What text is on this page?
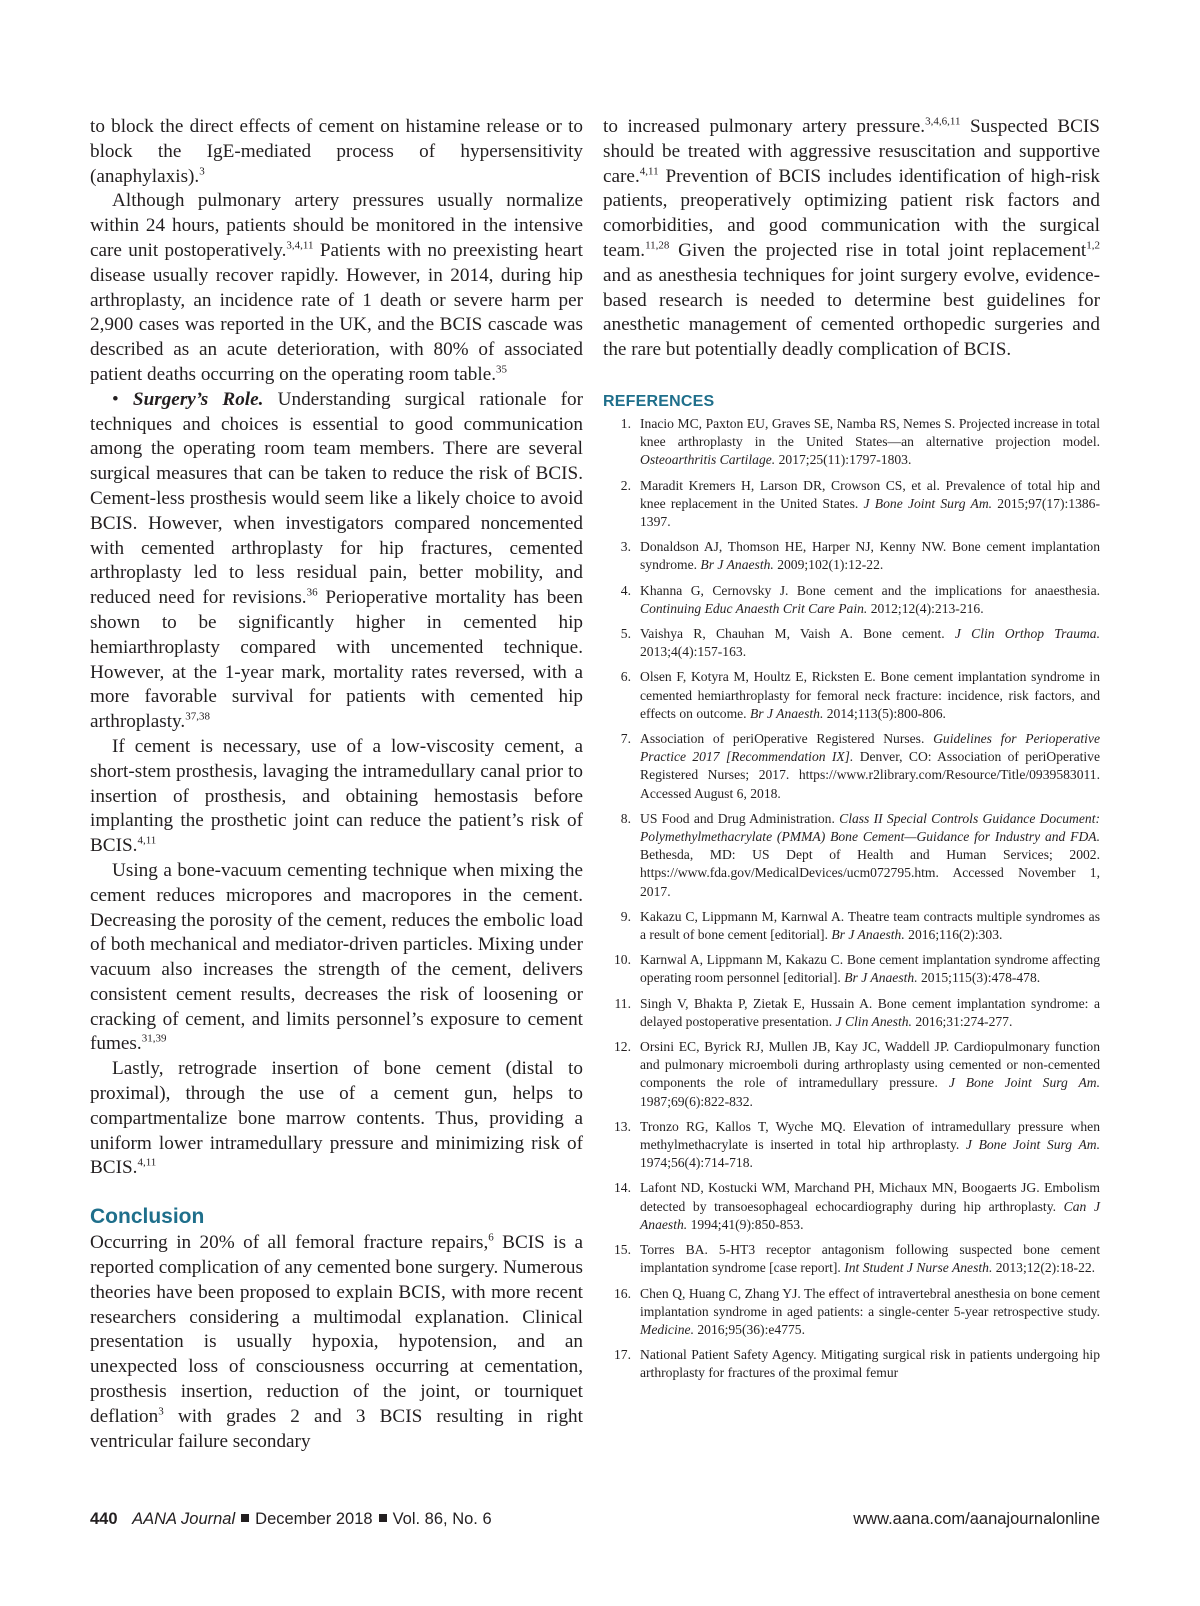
to block the direct effects of cement on histamine release or to block the IgE-mediated process of hypersensitivity (anaphylaxis).$^3$

Although pulmonary artery pressures usually normalize within 24 hours, patients should be monitored in the intensive care unit postoperatively.$^{3,4,11}$ Patients with no preexisting heart disease usually recover rapidly. However, in 2014, during hip arthroplasty, an incidence rate of 1 death or severe harm per 2,900 cases was reported in the UK, and the BCIS cascade was described as an acute deterioration, with 80% of associated patient deaths occurring on the operating room table.$^{35}$

• Surgery’s Role. Understanding surgical rationale for techniques and choices is essential to good communication among the operating room team members. There are several surgical measures that can be taken to reduce the risk of BCIS. Cement-less prosthesis would seem like a likely choice to avoid BCIS. However, when investigators compared noncemented with cemented arthroplasty for hip fractures, cemented arthroplasty led to less residual pain, better mobility, and reduced need for revisions.$^{36}$ Perioperative mortality has been shown to be significantly higher in cemented hip hemiarthroplasty compared with uncemented technique. However, at the 1-year mark, mortality rates reversed, with a more favorable survival for patients with cemented hip arthroplasty.$^{37,38}$

If cement is necessary, use of a low-viscosity cement, a short-stem prosthesis, lavaging the intramedullary canal prior to insertion of prosthesis, and obtaining hemostasis before implanting the prosthetic joint can reduce the patient’s risk of BCIS.$^{4,11}$

Using a bone-vacuum cementing technique when mixing the cement reduces micropores and macropores in the cement. Decreasing the porosity of the cement, reduces the embolic load of both mechanical and mediator-driven particles. Mixing under vacuum also increases the strength of the cement, delivers consistent cement results, decreases the risk of loosening or cracking of cement, and limits personnel’s exposure to cement fumes.$^{31,39}$

Lastly, retrograde insertion of bone cement (distal to proximal), through the use of a cement gun, helps to compartmentalize bone marrow contents. Thus, providing a uniform lower intramedullary pressure and minimizing risk of BCIS.$^{4,11}$

Conclusion

Occurring in 20% of all femoral fracture repairs,$^6$ BCIS is a reported complication of any cemented bone surgery. Numerous theories have been proposed to explain BCIS, with more recent researchers considering a multimodal explanation. Clinical presentation is usually hypoxia, hypotension, and an unexpected loss of consciousness occurring at cementation, prosthesis insertion, reduction of the joint, or tourniquet deflation$^3$ with grades 2 and 3 BCIS resulting in right ventricular failure secondary

to increased pulmonary artery pressure.$^{3,4,6,11}$ Suspected BCIS should be treated with aggressive resuscitation and supportive care.$^{4,11}$ Prevention of BCIS includes identification of high-risk patients, preoperatively optimizing patient risk factors and comorbidities, and good communication with the surgical team.$^{11,28}$ Given the projected rise in total joint replacement$^{1,2}$ and as anesthesia techniques for joint surgery evolve, evidence-based research is needed to determine best guidelines for anesthetic management of cemented orthopedic surgeries and the rare but potentially deadly complication of BCIS.

REFERENCES
1. Inacio MC, Paxton EU, Graves SE, Namba RS, Nemes S. Projected increase in total knee arthroplasty in the United States—an alternative projection model. Osteoarthritis Cartilage. 2017;25(11):1797-1803.
2. Maradit Kremers H, Larson DR, Crowson CS, et al. Prevalence of total hip and knee replacement in the United States. J Bone Joint Surg Am. 2015;97(17):1386-1397.
3. Donaldson AJ, Thomson HE, Harper NJ, Kenny NW. Bone cement implantation syndrome. Br J Anaesth. 2009;102(1):12-22.
4. Khanna G, Cernovsky J. Bone cement and the implications for anaesthesia. Continuing Educ Anaesth Crit Care Pain. 2012;12(4):213-216.
5. Vaishya R, Chauhan M, Vaish A. Bone cement. J Clin Orthop Trauma. 2013;4(4):157-163.
6. Olsen F, Kotyra M, Houltz E, Ricksten E. Bone cement implantation syndrome in cemented hemiarthroplasty for femoral neck fracture: incidence, risk factors, and effects on outcome. Br J Anaesth. 2014;113(5):800-806.
7. Association of periOperative Registered Nurses. Guidelines for Perioperative Practice 2017 [Recommendation IX]. Denver, CO: Association of periOperative Registered Nurses; 2017. https://www.r2library.com/Resource/Title/0939583011. Accessed August 6, 2018.
8. US Food and Drug Administration. Class II Special Controls Guidance Document: Polymethylmethacrylate (PMMA) Bone Cement—Guidance for Industry and FDA. Bethesda, MD: US Dept of Health and Human Services; 2002. https://www.fda.gov/MedicalDevices/ucm072795.htm. Accessed November 1, 2017.
9. Kakazu C, Lippmann M, Karnwal A. Theatre team contracts multiple syndromes as a result of bone cement [editorial]. Br J Anaesth. 2016;116(2):303.
10. Karnwal A, Lippmann M, Kakazu C. Bone cement implantation syndrome affecting operating room personnel [editorial]. Br J Anaesth. 2015;115(3):478-478.
11. Singh V, Bhakta P, Zietak E, Hussain A. Bone cement implantation syndrome: a delayed postoperative presentation. J Clin Anesth. 2016;31:274-277.
12. Orsini EC, Byrick RJ, Mullen JB, Kay JC, Waddell JP. Cardiopulmonary function and pulmonary microemboli during arthroplasty using cemented or non-cemented components the role of intramedullary pressure. J Bone Joint Surg Am. 1987;69(6):822-832.
13. Tronzo RG, Kallos T, Wyche MQ. Elevation of intramedullary pressure when methylmethacrylate is inserted in total hip arthroplasty. J Bone Joint Surg Am. 1974;56(4):714-718.
14. Lafont ND, Kostucki WM, Marchand PH, Michaux MN, Boogaerts JG. Embolism detected by transoesophageal echocardiography during hip arthroplasty. Can J Anaesth. 1994;41(9):850-853.
15. Torres BA. 5-HT3 receptor antagonism following suspected bone cement implantation syndrome [case report]. Int Student J Nurse Anesth. 2013;12(2):18-22.
16. Chen Q, Huang C, Zhang YJ. The effect of intravertebral anesthesia on bone cement implantation syndrome in aged patients: a single-center 5-year retrospective study. Medicine. 2016;95(36):e4775.
17. National Patient Safety Agency. Mitigating surgical risk in patients undergoing hip arthroplasty for fractures of the proximal femur
440 AANA Journal December 2018 Vol. 86, No. 6	www.aana.com/aanajournalonline
